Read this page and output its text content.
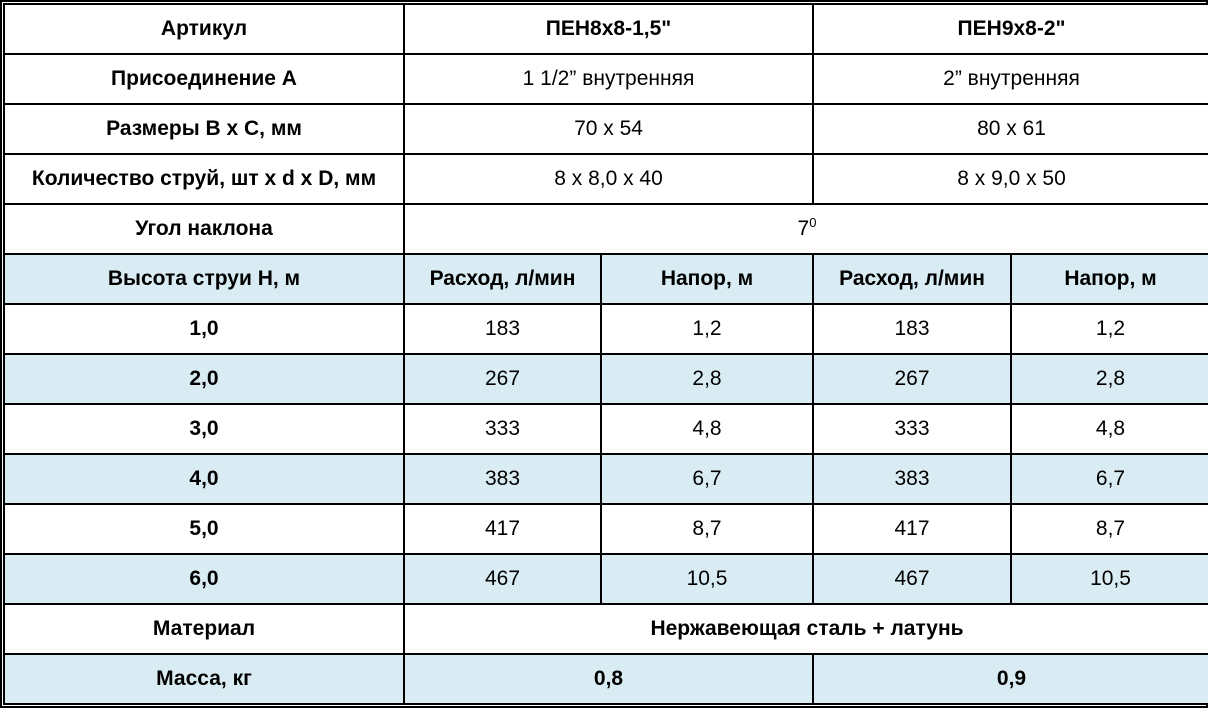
Артикул	ПЕН8х8-1,5"		ПЕН9х8-2"	
Присоединение А	1 1/2” внутренняя		2” внутренняя	
Размеры В х С, мм	70 х 54		80 х 61	
Количество струй, шт х d х D, мм	8 х 8,0 х 40		8 х 9,0 х 50	
Угол наклона	$7^0$
Высота струи Н, м	Расход, л/мин	Напор, м	Расход, л/мин	Напор, м
1,0	183	1,2	183	1,2
2,0	267	2,8	267	2,8
3,0	333	4,8	333	4,8
4,0	383	6,7	383	6,7
5,0	417	8,7	417	8,7
6,0	467	10,5	467	10,5
Материал	Нержавеющая сталь + латунь			
Масса, кг	0,8		0,9	
